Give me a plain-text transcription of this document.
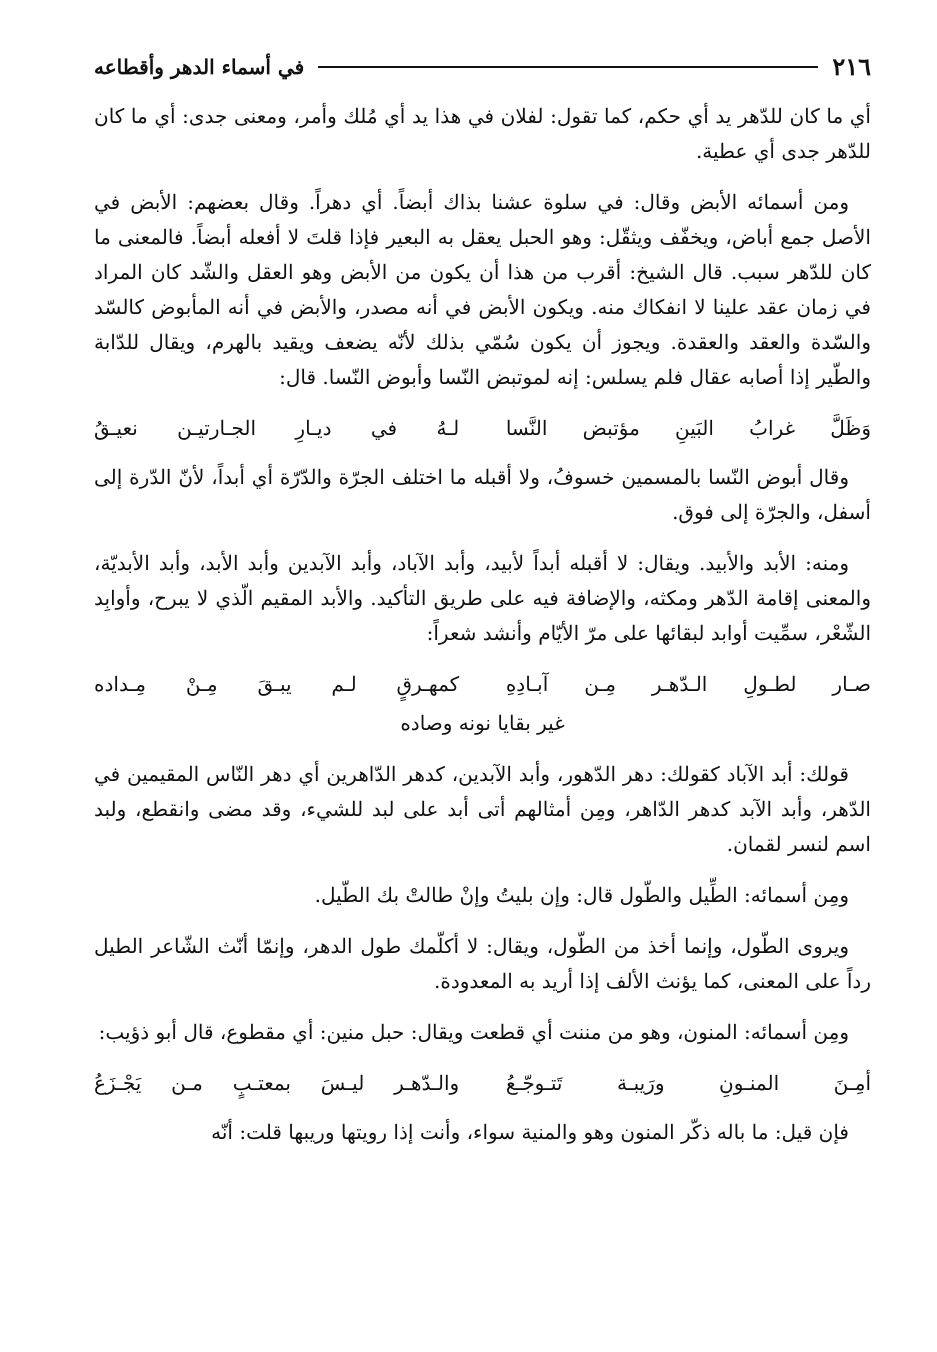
٢١٦
في أسماء الدهر وأقطاعه

أي ما كان للدّهر يد أي حكم، كما تقول: لفلان في هذا يد أي مُلك وأمر، ومعنى جدى: أي ما كان للدّهر جدى أي عطية.

ومن أسمائه الأبض وقال: في سلوة عشنا بذاك أبضاً. أي دهراً. وقال بعضهم: الأبض في الأصل جمع أباض، ويخفّف ويثقّل: وهو الحبل يعقل به البعير فإذا قلتَ لا أفعله أبضاً. فالمعنى ما كان للدّهر سبب. قال الشيخ: أقرب من هذا أن يكون من الأبض وهو العقل والشّد كان المراد في زمان عقد علينا لا انفكاك منه. ويكون الأبض في أنه مصدر، والأبض في أنه المأبوض كالسّد والسّدة والعقد والعقدة. ويجوز أن يكون سُمّي بذلك لأنّه يضعف ويقيد بالهرم، ويقال للدّابة والطّير إذا أصابه عقال فلم يسلس: إنه لموتبض النّسا وأبوض النّسا. قال:

وَظَلَّ غرابُ البَينِ مؤتبض النَّسا
لـهُ في ديـارِ الجـارتيـن نعيـقُ

وقال أبوض النّسا بالمسمين خسوفُ، ولا أقبله ما اختلف الجرّة والدّرّة أي أبداً، لأنّ الدّرة إلى أسفل، والجرّة إلى فوق.

ومنه: الأبد والأبيد. ويقال: لا أقبله أبداً لأبيد، وأبد الآباد، وأبد الآبدين وأبد الأبد، وأبد الأبديّة، والمعنى إقامة الدّهر ومكثه، والإضافة فيه على طريق التأكيد. والأبد المقيم الّذي لا يبرح، وأوابِد الشّعْر، سمِّيت أوابد لبقائها على مرّ الأيّام وأنشد شعراً:

صـار لطـولِ الـدّهـر مِـن آبـادِهِ
كمهـرقٍ لـم يبـقَ مِـنْ مِـداده
غير بقايا نونه وصاده

قولك: أبد الآباد كقولك: دهر الدّهور، وأبد الآبدين، كدهر الدّاهرين أي دهر النّاس المقيمين في الدّهر، وأبد الآبد كدهر الدّاهر، ومِن أمثالهم أتى أبد على لبد للشيء، وقد مضى وانقطع، ولبد اسم لنسر لقمان.

ومِن أسمائه: الطِّيل والطّول قال: وإن بليتُ وإنْ طالتْ بك الطّيل.

ويروى الطّول، وإنما أخذ من الطّول، ويقال: لا أكلّمك طول الدهر، وإنمّا أنّث الشّاعر الطيل رداً على المعنى، كما يؤنث الألف إذا أريد به المعدودة.

ومِن أسمائه: المنون، وهو من مننت أي قطعت ويقال: حبل منين: أي مقطوع، قال أبو ذؤيب:

أمِـنَ المنـونِ ورَيبـة تَتـوجّـعُ
والـدّهـر ليـسَ بمعتـبٍ مـن يَجْـزَعُ

فإن قيل: ما باله ذكّر المنون وهو والمنية سواء، وأنت إذا رويتها وريبها قلت: أنّه
